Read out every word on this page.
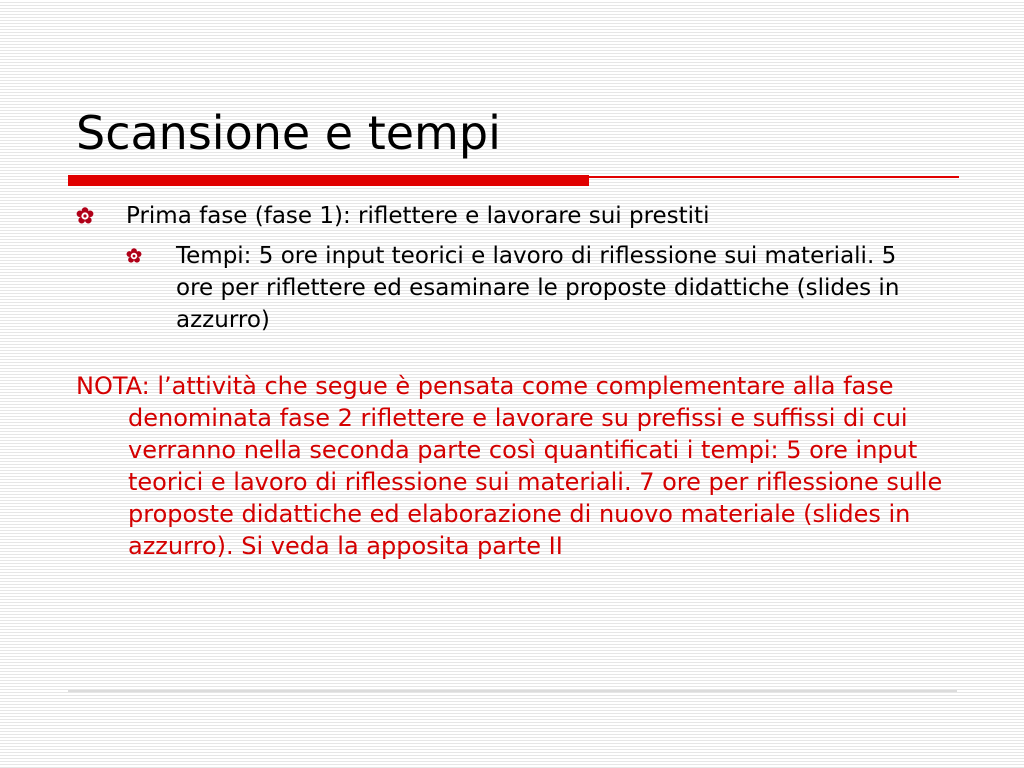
Scansione e tempi
Prima fase (fase 1): riflettere e lavorare sui prestiti
Tempi: 5 ore input teorici e lavoro di riflessione sui materiali. 5 ore per riflettere ed esaminare le proposte didattiche (slides in azzurro)
NOTA: l’attività che segue è pensata come complementare alla fase denominata fase 2 riflettere e lavorare su prefissi e suffissi di cui verranno nella seconda parte così quantificati i tempi: 5 ore input teorici e lavoro di riflessione sui materiali. 7 ore per riflessione sulle proposte didattiche ed elaborazione di nuovo materiale (slides in azzurro). Si veda la apposita parte II
